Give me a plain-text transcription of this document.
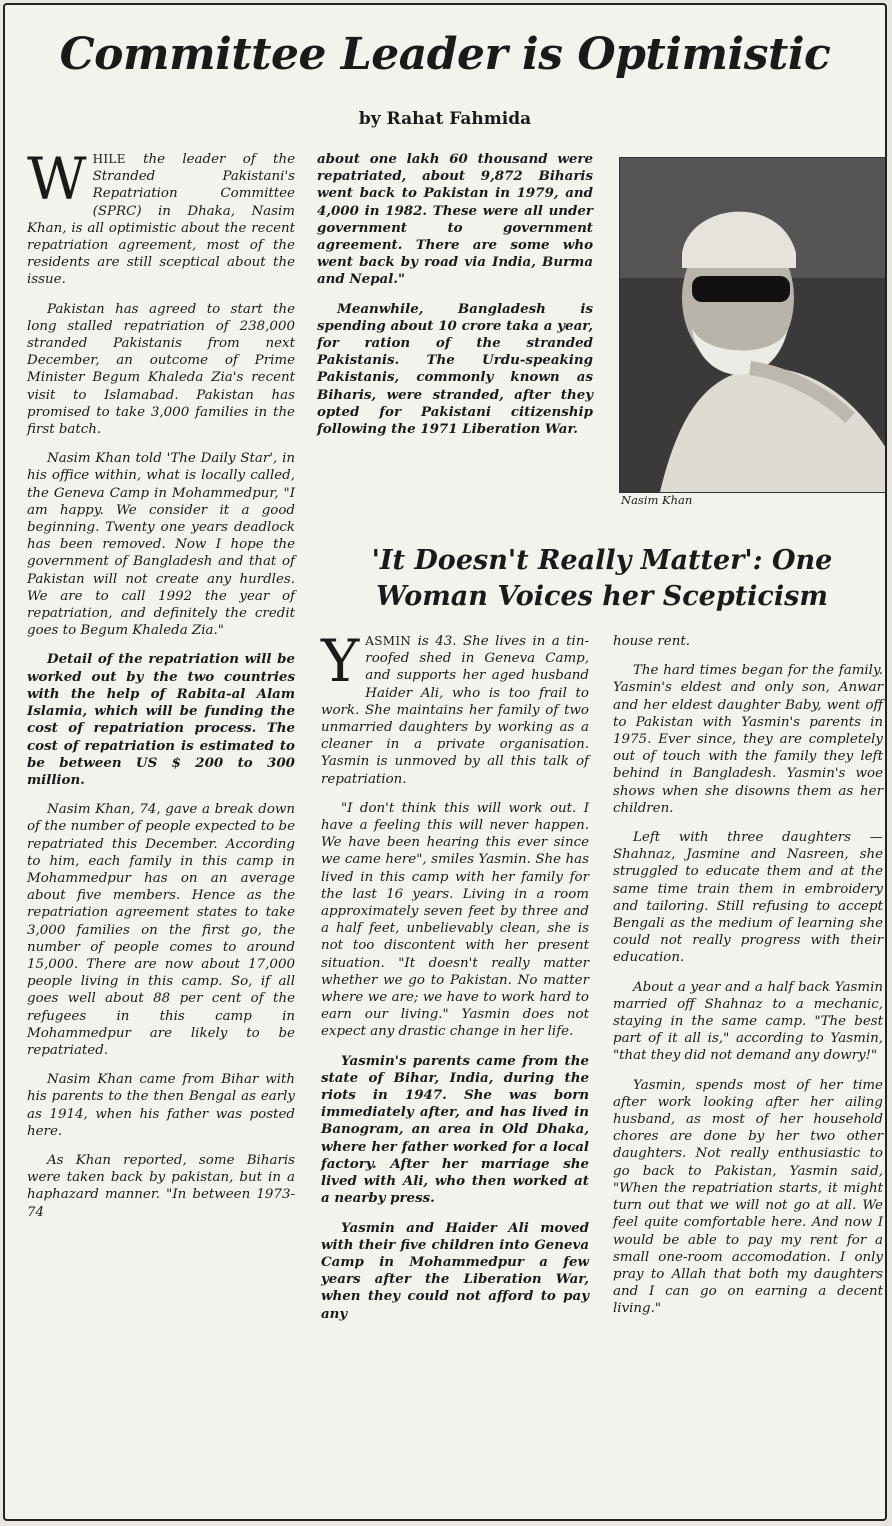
Committee Leader is Optimistic

by Rahat Fahmida

WHILE the leader of the Stranded Pakistani's Repatriation Committee (SPRC) in Dhaka, Nasim Khan, is all optimistic about the recent repatriation agreement, most of the residents are still sceptical about the issue.

Pakistan has agreed to start the long stalled repatriation of 238,000 stranded Pakistanis from next December, an outcome of Prime Minister Begum Khaleda Zia's recent visit to Islamabad. Pakistan has promised to take 3,000 families in the first batch.

Nasim Khan told 'The Daily Star', in his office within, what is locally called, the Geneva Camp in Mohammedpur, "I am happy. We consider it a good beginning. Twenty one years deadlock has been removed. Now I hope the government of Bangladesh and that of Pakistan will not create any hurdles. We are to call 1992 the year of repatriation, and definitely the credit goes to Begum Khaleda Zia."

Detail of the repatriation will be worked out by the two countries with the help of Rabita-al Alam Islamia, which will be funding the cost of repatriation process. The cost of repatriation is estimated to be between US $ 200 to 300 million.

Nasim Khan, 74, gave a break down of the number of people expected to be repatriated this December. According to him, each family in this camp in Mohammedpur has on an average about five members. Hence as the repatriation agreement states to take 3,000 families on the first go, the number of people comes to around 15,000. There are now about 17,000 people living in this camp. So, if all goes well about 88 per cent of the refugees in this camp in Mohammedpur are likely to be repatriated.

Nasim Khan came from Bihar with his parents to the then Bengal as early as 1914, when his father was posted here.

As Khan reported, some Biharis were taken back by pakistan, but in a haphazard manner. "In between 1973-74

about one lakh 60 thousand were repatriated, about 9,872 Biharis went back to Pakistan in 1979, and 4,000 in 1982. These were all under government to government agreement. There are some who went back by road via India, Burma and Nepal."

Meanwhile, Bangladesh is spending about 10 crore taka a year, for ration of the stranded Pakistanis. The Urdu-speaking Pakistanis, commonly known as Biharis, were stranded, after they opted for Pakistani citizenship following the 1971 Liberation War.

Nasim Khan

'It Doesn't Really Matter': One Woman Voices her Scepticism

YASMIN is 43. She lives in a tin-roofed shed in Geneva Camp, and supports her aged husband Haider Ali, who is too frail to work. She maintains her family of two unmarried daughters by working as a cleaner in a private organisation. Yasmin is unmoved by all this talk of repatriation.

"I don't think this will work out. I have a feeling this will never happen. We have been hearing this ever since we came here", smiles Yasmin. She has lived in this camp with her family for the last 16 years. Living in a room approximately seven feet by three and a half feet, unbelievably clean, she is not too discontent with her present situation. "It doesn't really matter whether we go to Pakistan. No matter where we are; we have to work hard to earn our living." Yasmin does not expect any drastic change in her life.

Yasmin's parents came from the state of Bihar, India, during the riots in 1947. She was born immediately after, and has lived in Banogram, an area in Old Dhaka, where her father worked for a local factory. After her marriage she lived with Ali, who then worked at a nearby press.

Yasmin and Haider Ali moved with their five children into Geneva Camp in Mohammedpur a few years after the Liberation War, when they could not afford to pay any

house rent.

The hard times began for the family. Yasmin's eldest and only son, Anwar and her eldest daughter Baby, went off to Pakistan with Yasmin's parents in 1975. Ever since, they are completely out of touch with the family they left behind in Bangladesh. Yasmin's woe shows when she disowns them as her children.

Left with three daughters — Shahnaz, Jasmine and Nasreen, she struggled to educate them and at the same time train them in embroidery and tailoring. Still refusing to accept Bengali as the medium of learning she could not really progress with their education.

About a year and a half back Yasmin married off Shahnaz to a mechanic, staying in the same camp. "The best part of it all is," according to Yasmin, "that they did not demand any dowry!"

Yasmin, spends most of her time after work looking after her ailing husband, as most of her household chores are done by her two other daughters. Not really enthusiastic to go back to Pakistan, Yasmin said, "When the repatriation starts, it might turn out that we will not go at all. We feel quite comfortable here. And now I would be able to pay my rent for a small one-room accomodation. I only pray to Allah that both my daughters and I can go on earning a decent living."
